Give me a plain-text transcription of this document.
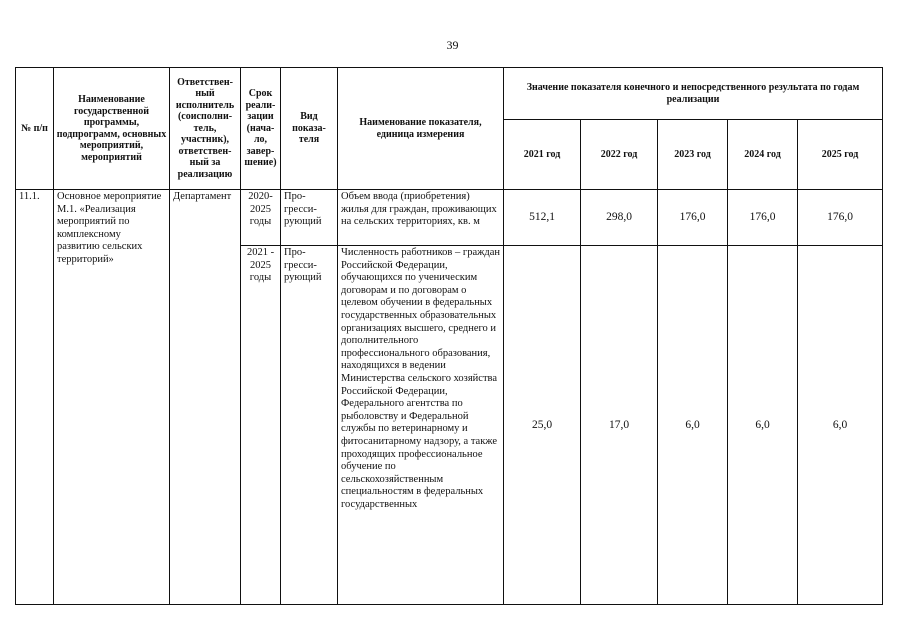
39
№ п/п	Наименование государственной программы, подпрограмм, основных мероприятий, мероприятий	Ответствен-ный исполнитель (соисполни-тель, участник), ответствен-ный за реализацию	Срок реали-зации (нача-ло, завер-шение)	Вид показа-теля	Наименование показателя, единица измерения	Значение показателя конечного и непосредственного результата по годам реализации				
						2021 год	2022 год	2023 год	2024 год	2025 год
11.1.	Основное мероприятие М.1. «Реализация мероприятий по комплексному развитию сельских территорий»	Департамент	2020-2025 годы	Про-гресси-рующий	Объем ввода (приобретения) жилья для граждан, проживающих на сельских территориях, кв. м	512,1	298,0	176,0	176,0	176,0
			2021 - 2025 годы	Про-гресси-рующий	Численность работников – граждан Российской Федерации, обучающихся по ученическим договорам и по договорам о целевом обучении в федеральных государственных образовательных организациях высшего, среднего и дополнительного профессионального образования, находящихся в ведении Министерства сельского хозяйства Российской Федерации, Федерального агентства по рыболовству и Федеральной службы по ветеринарному и фитосанитарному надзору, а также проходящих профессиональное обучение по сельскохозяйственным специальностям в федеральных государственных	25,0	17,0	6,0	6,0	6,0
